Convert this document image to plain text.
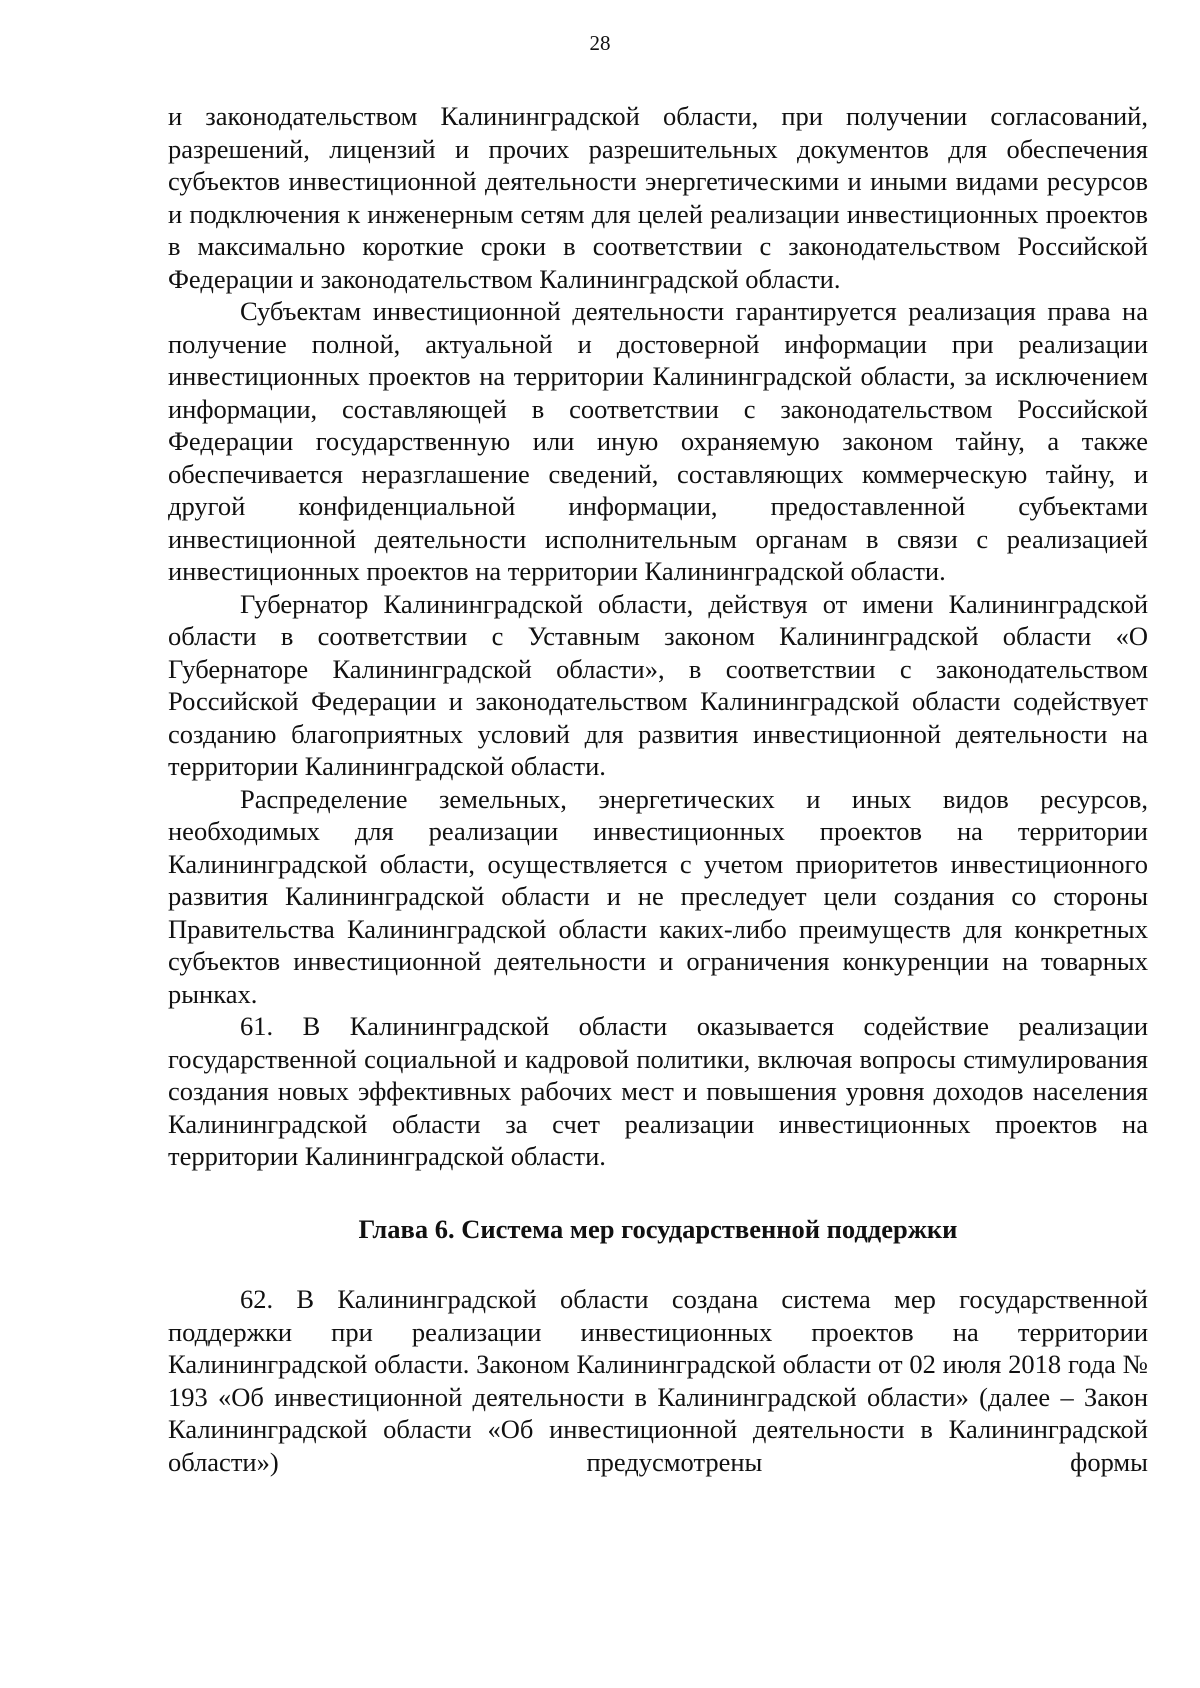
28

и законодательством Калининградской области, при получении согласований, разрешений, лицензий и прочих разрешительных документов для обеспечения субъектов инвестиционной деятельности энергетическими и иными видами ресурсов и подключения к инженерным сетям для целей реализации инвестиционных проектов в максимально короткие сроки в соответствии с законодательством Российской Федерации и законодательством Калининградской области.

Субъектам инвестиционной деятельности гарантируется реализация права на получение полной, актуальной и достоверной информации при реализации инвестиционных проектов на территории Калининградской области, за исключением информации, составляющей в соответствии с законодательством Российской Федерации государственную или иную охраняемую законом тайну, а также обеспечивается неразглашение сведений, составляющих коммерческую тайну, и другой конфиденциальной информации, предоставленной субъектами инвестиционной деятельности исполнительным органам в связи с реализацией инвестиционных проектов на территории Калининградской области.

Губернатор Калининградской области, действуя от имени Калининградской области в соответствии с Уставным законом Калининградской области «О Губернаторе Калининградской области», в соответствии с законодательством Российской Федерации и законодательством Калининградской области содействует созданию благоприятных условий для развития инвестиционной деятельности на территории Калининградской области.

Распределение земельных, энергетических и иных видов ресурсов, необходимых для реализации инвестиционных проектов на территории Калининградской области, осуществляется с учетом приоритетов инвестиционного развития Калининградской области и не преследует цели создания со стороны Правительства Калининградской области каких-либо преимуществ для конкретных субъектов инвестиционной деятельности и ограничения конкуренции на товарных рынках.

61. В Калининградской области оказывается содействие реализации государственной социальной и кадровой политики, включая вопросы стимулирования создания новых эффективных рабочих мест и повышения уровня доходов населения Калининградской области за счет реализации инвестиционных проектов на территории Калининградской области.

Глава 6. Система мер государственной поддержки

62. В Калининградской области создана система мер государственной поддержки при реализации инвестиционных проектов на территории Калининградской области. Законом Калининградской области от 02 июля 2018 года № 193 «Об инвестиционной деятельности в Калининградской области» (далее – Закон Калининградской области «Об инвестиционной деятельности в Калининградской области») предусмотрены формы
